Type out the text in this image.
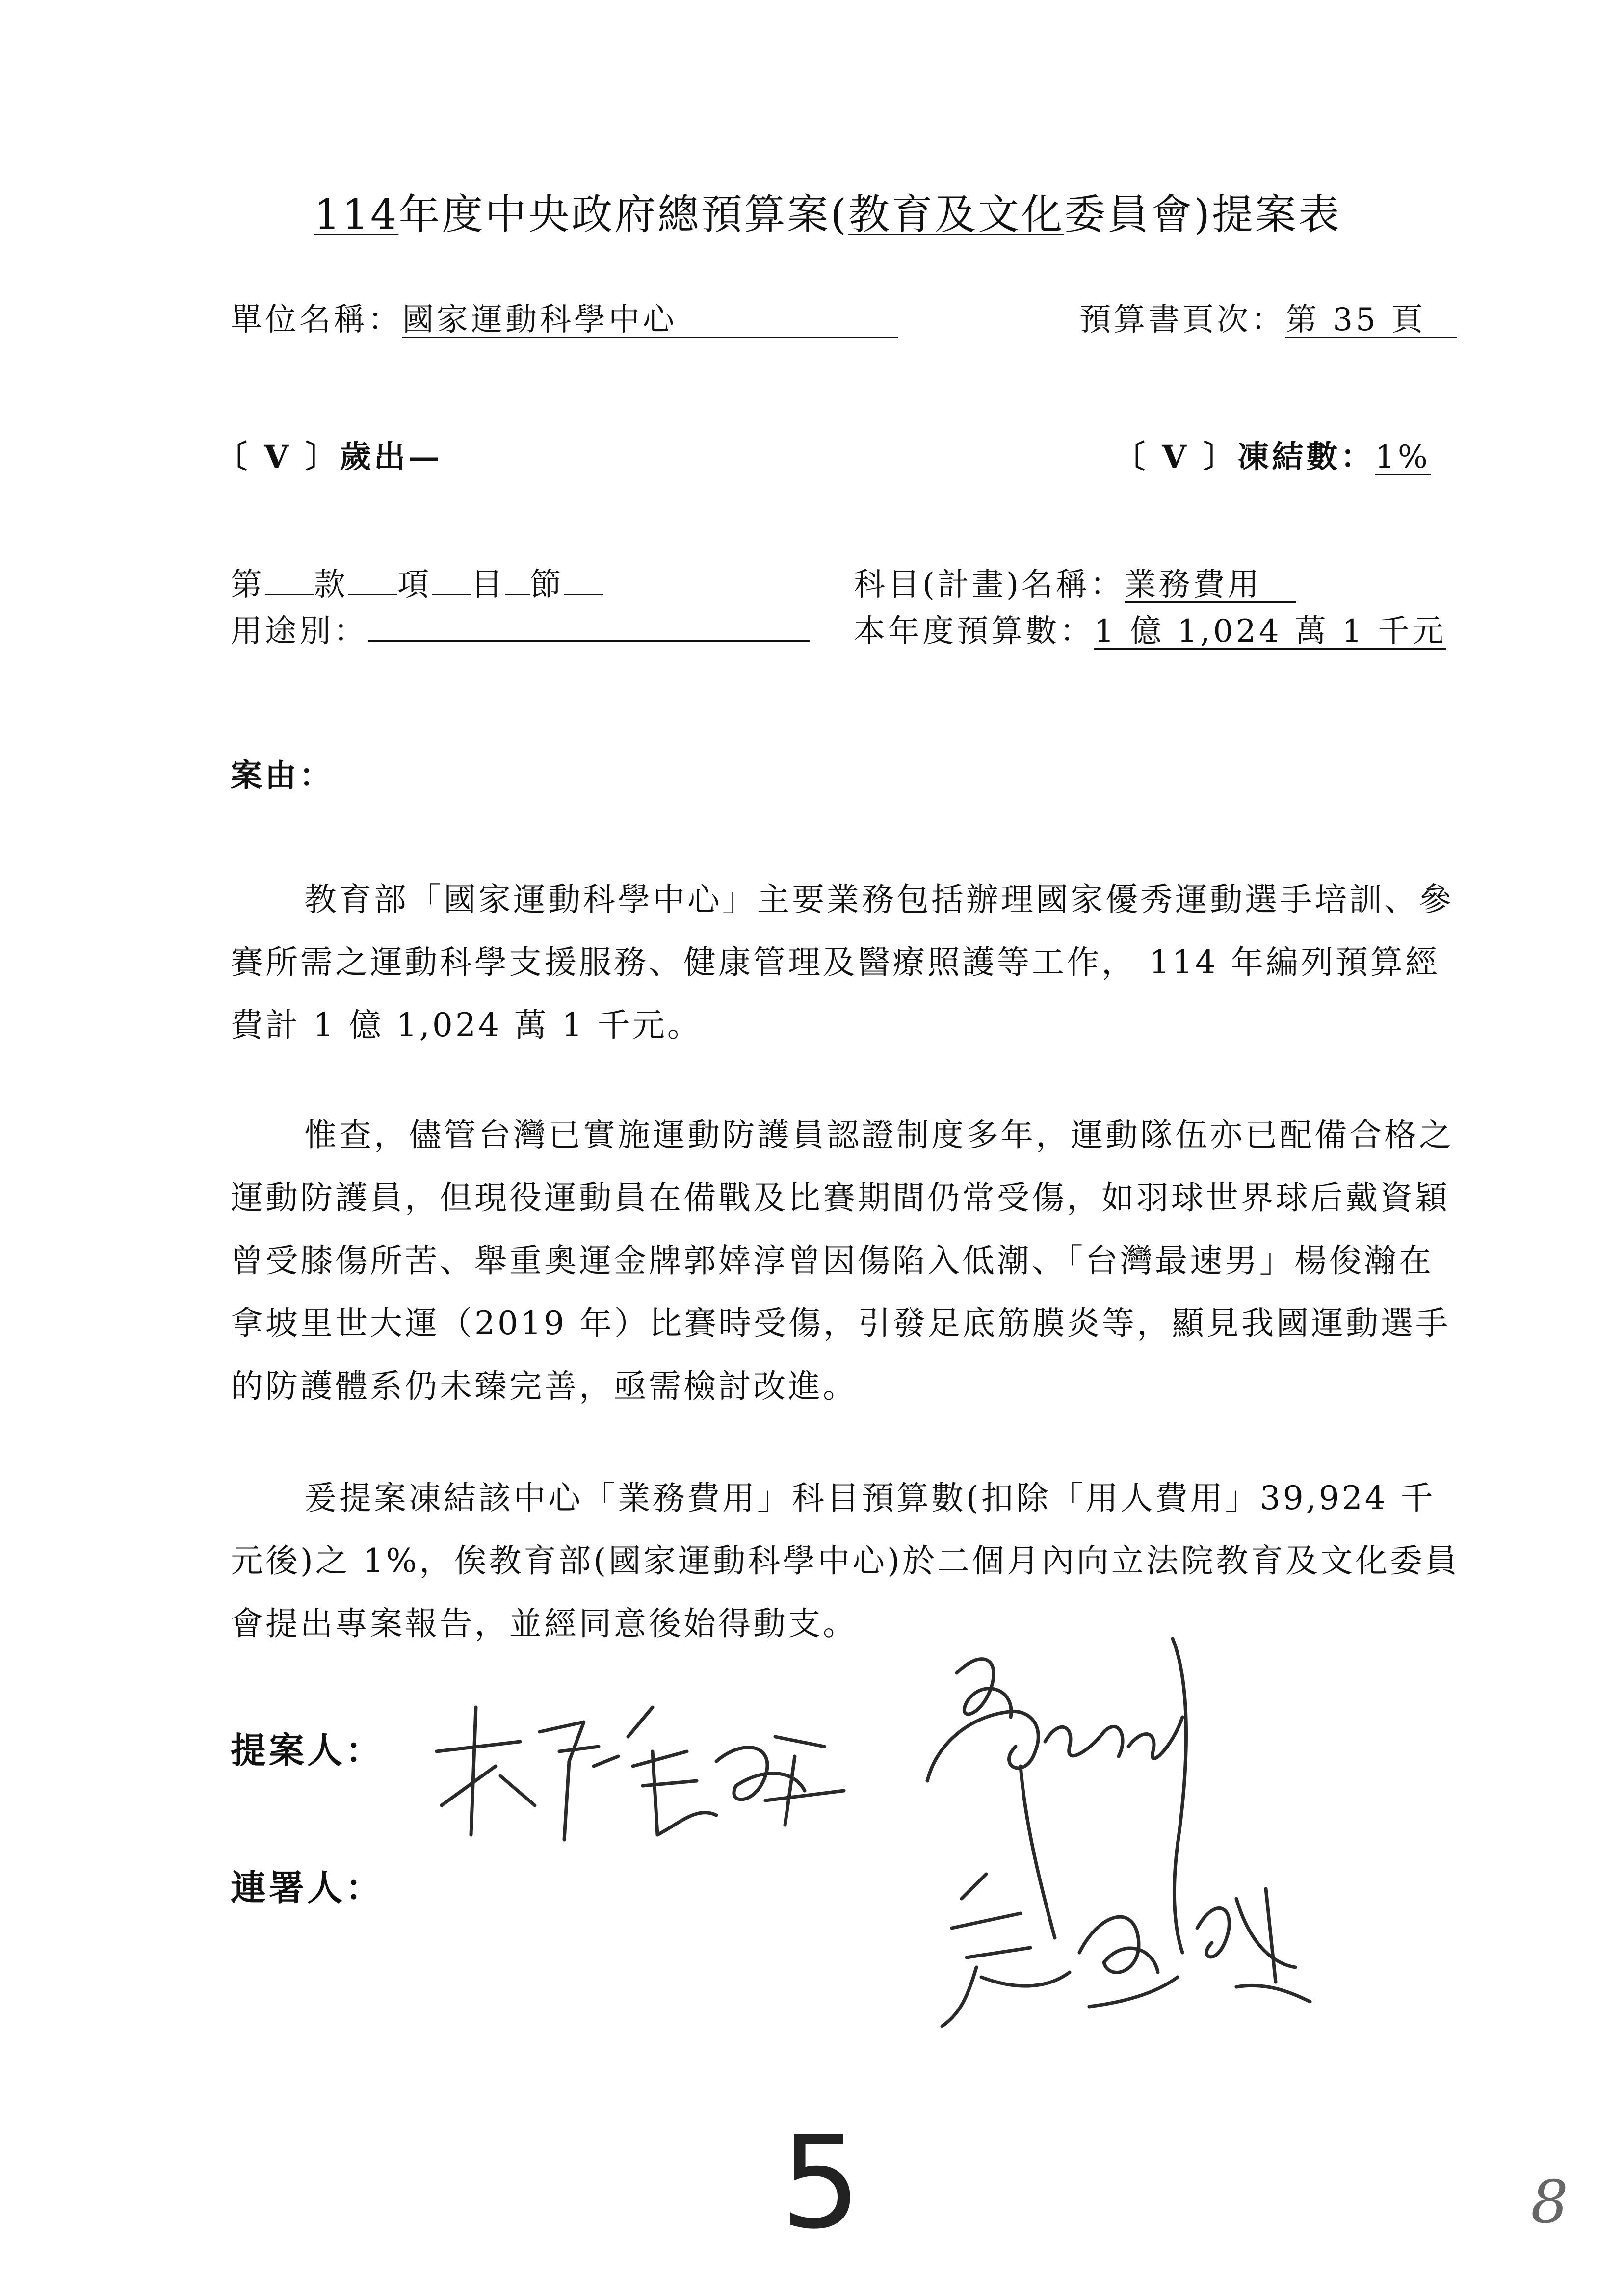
114年度中央政府總預算案(教育及文化委員會)提案表
單位名稱：國家運動科學中心	預算書頁次：第 35 頁
〔 V 〕歲出—	〔 V 〕凍結數：1%
第 款 項 目 節	科目(計畫)名稱：業務費用
用途別：	本年度預算數：1 億 1,024 萬 1 千元
案由：
教育部「國家運動科學中心」主要業務包括辦理國家優秀運動選手培訓、參賽所需之運動科學支援服務、健康管理及醫療照護等工作， 114 年編列預算經費計 1 億 1,024 萬 1 千元。
惟查，儘管台灣已實施運動防護員認證制度多年，運動隊伍亦已配備合格之運動防護員，但現役運動員在備戰及比賽期間仍常受傷，如羽球世界球后戴資穎曾受膝傷所苦、舉重奧運金牌郭婞淳曾因傷陷入低潮、「台灣最速男」楊俊瀚在拿坡里世大運（2019 年）比賽時受傷，引發足底筋膜炎等，顯見我國運動選手的防護體系仍未臻完善，亟需檢討改進。
爰提案凍結該中心「業務費用」科目預算數(扣除「用人費用」39,924 千元後)之 1%，俟教育部(國家運動科學中心)於二個月內向立法院教育及文化委員會提出專案報告，並經同意後始得動支。
提案人：
連署人：
5	8
